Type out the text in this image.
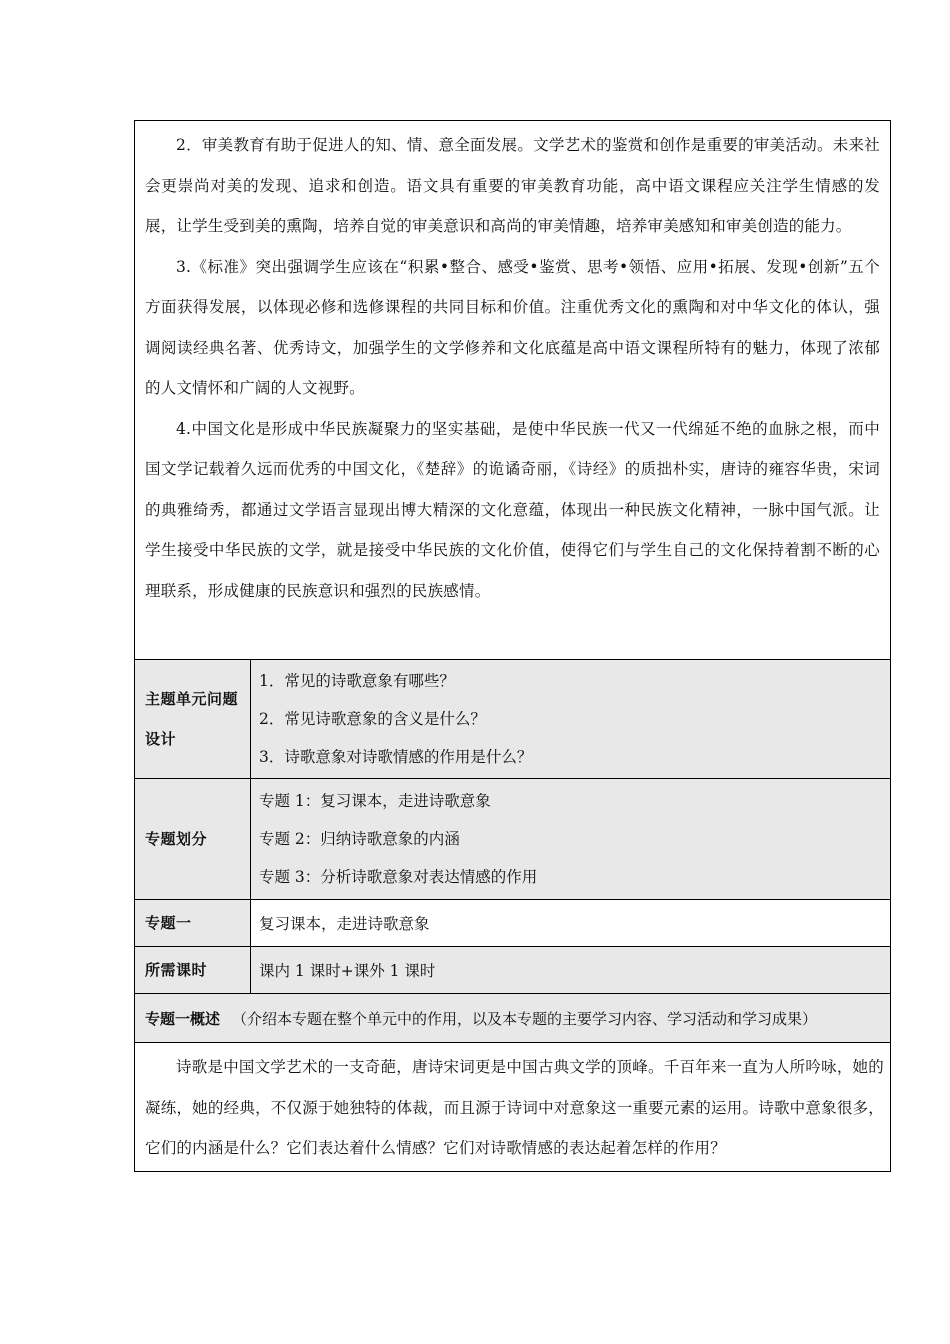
2．审美教育有助于促进人的知、情、意全面发展。文学艺术的鉴赏和创作是重要的审美活动。未来社会更崇尚对美的发现、追求和创造。语文具有重要的审美教育功能，高中语文课程应关注学生情感的发展，让学生受到美的熏陶，培养自觉的审美意识和高尚的审美情趣，培养审美感知和审美创造的能力。

3.《标准》突出强调学生应该在“积累•整合、感受•鉴赏、思考•领悟、应用•拓展、发现•创新”五个方面获得发展，以体现必修和选修课程的共同目标和价值。注重优秀文化的熏陶和对中华文化的体认，强调阅读经典名著、优秀诗文，加强学生的文学修养和文化底蕴是高中语文课程所特有的魅力，体现了浓郁的人文情怀和广阔的人文视野。

4.中国文化是形成中华民族凝聚力的坚实基础，是使中华民族一代又一代绵延不绝的血脉之根，而中国文学记载着久远而优秀的中国文化，《楚辞》的诡谲奇丽，《诗经》的质拙朴实，唐诗的雍容华贵，宋词的典雅绮秀，都通过文学语言显现出博大精深的文化意蕴，体现出一种民族文化精神，一脉中国气派。让学生接受中华民族的文学，就是接受中华民族的文化价值，使得它们与学生自己的文化保持着割不断的心理联系，形成健康的民族意识和强烈的民族感情。	

主题单元问题设计	1．常见的诗歌意象有哪些？
2．常见诗歌意象的含义是什么？
3．诗歌意象对诗歌情感的作用是什么？

专题划分	专题 1：复习课本，走进诗歌意象
专题 2：归纳诗歌意象的内涵
专题 3：分析诗歌意象对表达情感的作用

专题一	复习课本，走进诗歌意象
所需课时	课内 1 课时+课外 1 课时
专题一概述 （介绍本专题在整个单元中的作用，以及本专题的主要学习内容、学习活动和学习成果）	

诗歌是中国文学艺术的一支奇葩，唐诗宋词更是中国古典文学的顶峰。千百年来一直为人所吟咏，她的凝练，她的经典，不仅源于她独特的体裁，而且源于诗词中对意象这一重要元素的运用。诗歌中意象很多，它们的内涵是什么？它们表达着什么情感？它们对诗歌情感的表达起着怎样的作用？	
